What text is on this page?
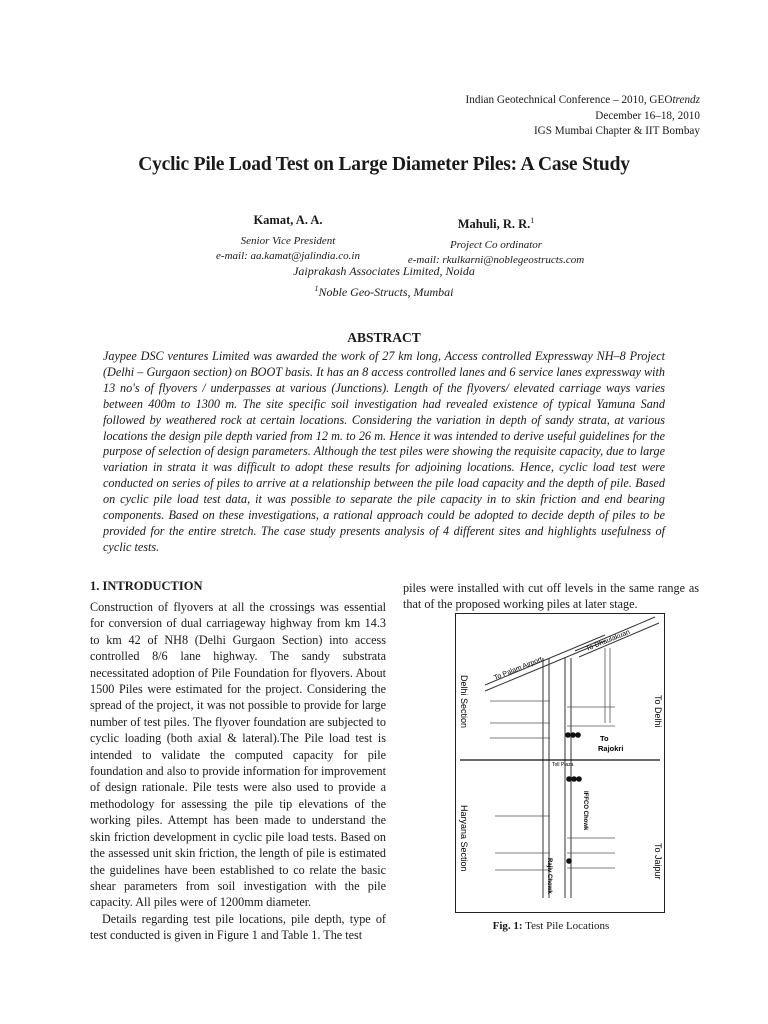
Indian Geotechnical Conference – 2010, GEOtrendz
December 16–18, 2010
IGS Mumbai Chapter & IIT Bombay
Cyclic Pile Load Test on Large Diameter Piles: A Case Study
Kamat, A. A.
Senior Vice President
e-mail: aa.kamat@jalindia.co.in
Mahuli, R. R.$^1$
Project Co ordinator
e-mail: rkulkarni@noblegeostructs.com
Jaiprakash Associates Limited, Noida
$^1$Noble Geo-Structs, Mumbai
ABSTRACT
Jaypee DSC ventures Limited was awarded the work of 27 km long, Access controlled Expressway NH–8 Project (Delhi – Gurgaon section) on BOOT basis. It has an 8 access controlled lanes and 6 service lanes expressway with 13 no's of flyovers / underpasses at various (Junctions). Length of the flyovers/ elevated carriage ways varies between 400m to 1300 m. The site specific soil investigation had revealed existence of typical Yamuna Sand followed by weathered rock at certain locations. Considering the variation in depth of sandy strata, at various locations the design pile depth varied from 12 m. to 26 m. Hence it was intended to derive useful guidelines for the purpose of selection of design parameters. Although the test piles were showing the requisite capacity, due to large variation in strata it was difficult to adopt these results for adjoining locations. Hence, cyclic load test were conducted on series of piles to arrive at a relationship between the pile load capacity and the depth of pile. Based on cyclic pile load test data, it was possible to separate the pile capacity in to skin friction and end bearing components. Based on these investigations, a rational approach could be adopted to decide depth of piles to be provided for the entire stretch. The case study presents analysis of 4 different sites and highlights usefulness of cyclic tests.
1. INTRODUCTION

Construction of flyovers at all the crossings was essential for conversion of dual carriageway highway from km 14.3 to km 42 of NH8 (Delhi Gurgaon Section) into access controlled 8/6 lane highway. The sandy substrata necessitated adoption of Pile Foundation for flyovers. About 1500 Piles were estimated for the project. Considering the spread of the project, it was not possible to provide for large number of test piles. The flyover foundation are subjected to cyclic loading (both axial & lateral).The Pile load test is intended to validate the computed capacity for pile foundation and also to provide information for improvement of design rationale. Pile tests were also used to provide a methodology for assessing the pile tip elevations of the working piles. Attempt has been made to understand the skin friction development in cyclic pile load tests. Based on the assessed unit skin friction, the length of pile is estimated the guidelines have been established to co relate the basic shear parameters from soil investigation with the pile capacity. All piles were of 1200mm diameter.

Details regarding test pile locations, pile depth, type of test conducted is given in Figure 1 and Table 1. The test

piles were installed with cut off levels in the same range as that of the proposed working piles at later stage.
To Dhaulakuan
To Palam Airport
Delhi Section
Haryana Section
To Delhi
To Jaipur
To
Rajokri
IFFCO Chowk
Rajiv Chowk
Toll Plaza
Fig. 1: Test Pile Locations
